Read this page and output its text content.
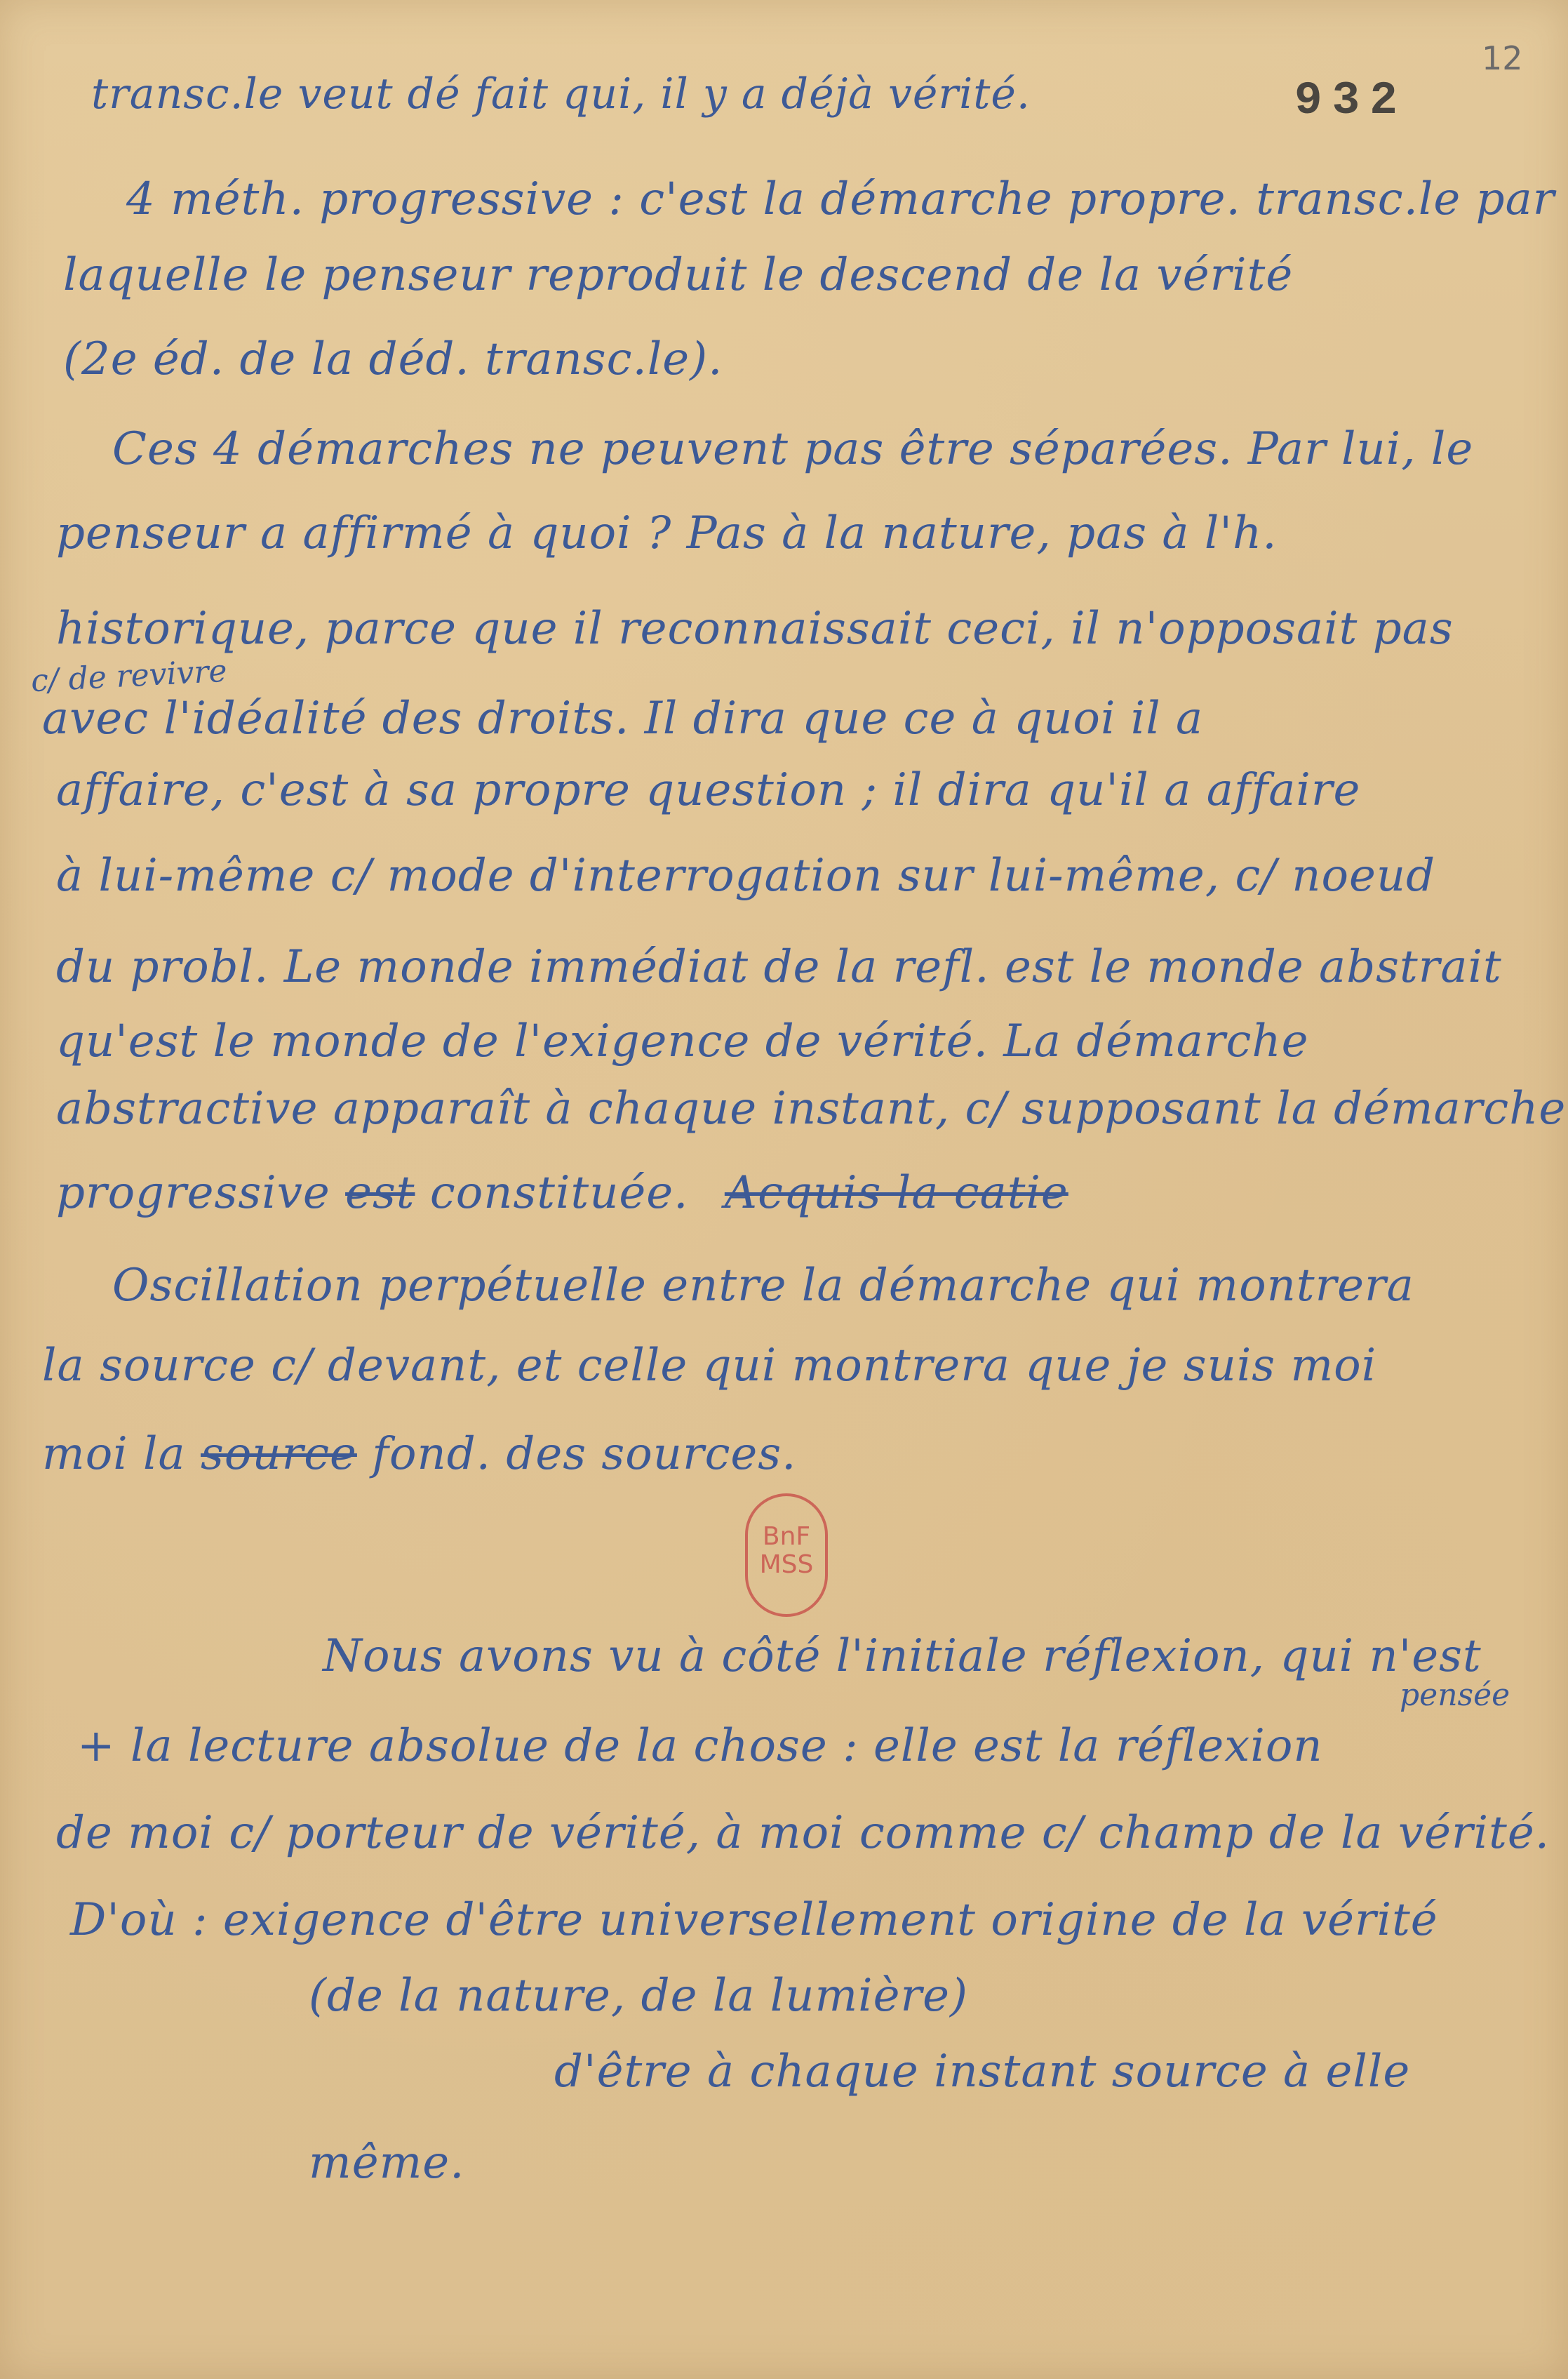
12
transc.le veut dé fait qui, il y a déjà vérité.	932
4 méth. progressive : c'est la démarche propre. transc.le par
laquelle le penseur reproduit le descend de la vérité
(2e éd. de la déd. transc.le).
Ces 4 démarches ne peuvent pas être séparées. Par lui, le
penseur a affirmé à quoi ? Pas à la nature, pas à l'h.
historique, parce que il reconnaissait ceci, il n'opposait pas
c/ de revivre
avec l'idéalité des droits. Il dira que ce à quoi il a
affaire, c'est à sa propre question ; il dira qu'il a affaire
à lui-même c/ mode d'interrogation sur lui-même, c/ noeud
du probl. Le monde immédiat de la refl. est le monde abstrait
qu'est le monde de l'exigence de vérité. La démarche
abstractive apparaît à chaque instant, c/ supposant la démarche
progressive est constituée. Acquis la catie
Oscillation perpétuelle entre la démarche qui montrera
la source c/ devant, et celle qui montrera que je suis moi
moi la source fond. des sources.
BnF
MSS
Nous avons vu à côté l'initiale réflexion, qui n'est
pensée
+ la lecture absolue de la chose : elle est la réflexion
de moi c/ porteur de vérité, à moi comme c/ champ de la vérité.
D'où : exigence d'être universellement origine de la vérité
(de la nature, de la lumière)
d'être à chaque instant source à elle
même.
